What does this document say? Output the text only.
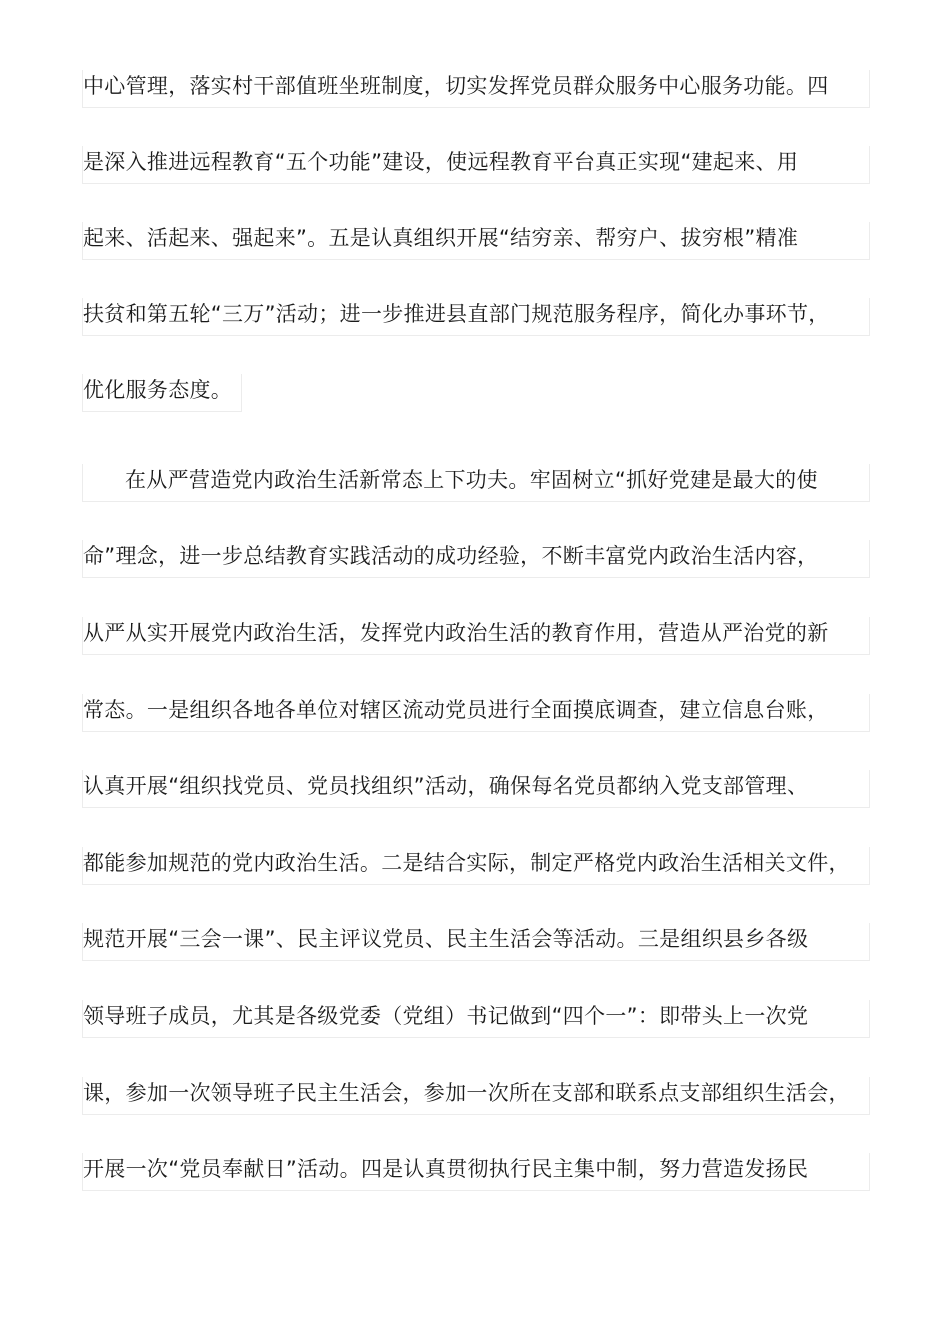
中心管理，落实村干部值班坐班制度，切实发挥党员群众服务中心服务功能。四
是深入推进远程教育“五个功能”建设，使远程教育平台真正实现“建起来、用
起来、活起来、强起来”。五是认真组织开展“结穷亲、帮穷户、拔穷根”精准
扶贫和第五轮“三万”活动；进一步推进县直部门规范服务程序，简化办事环节，
优化服务态度。
在从严营造党内政治生活新常态上下功夫。牢固树立“抓好党建是最大的使
命”理念，进一步总结教育实践活动的成功经验，不断丰富党内政治生活内容，
从严从实开展党内政治生活，发挥党内政治生活的教育作用，营造从严治党的新
常态。一是组织各地各单位对辖区流动党员进行全面摸底调查，建立信息台账，
认真开展“组织找党员、党员找组织”活动，确保每名党员都纳入党支部管理、
都能参加规范的党内政治生活。二是结合实际，制定严格党内政治生活相关文件，
规范开展“三会一课”、民主评议党员、民主生活会等活动。三是组织县乡各级
领导班子成员，尤其是各级党委（党组）书记做到“四个一”：即带头上一次党
课，参加一次领导班子民主生活会，参加一次所在支部和联系点支部组织生活会，
开展一次“党员奉献日”活动。四是认真贯彻执行民主集中制，努力营造发扬民
